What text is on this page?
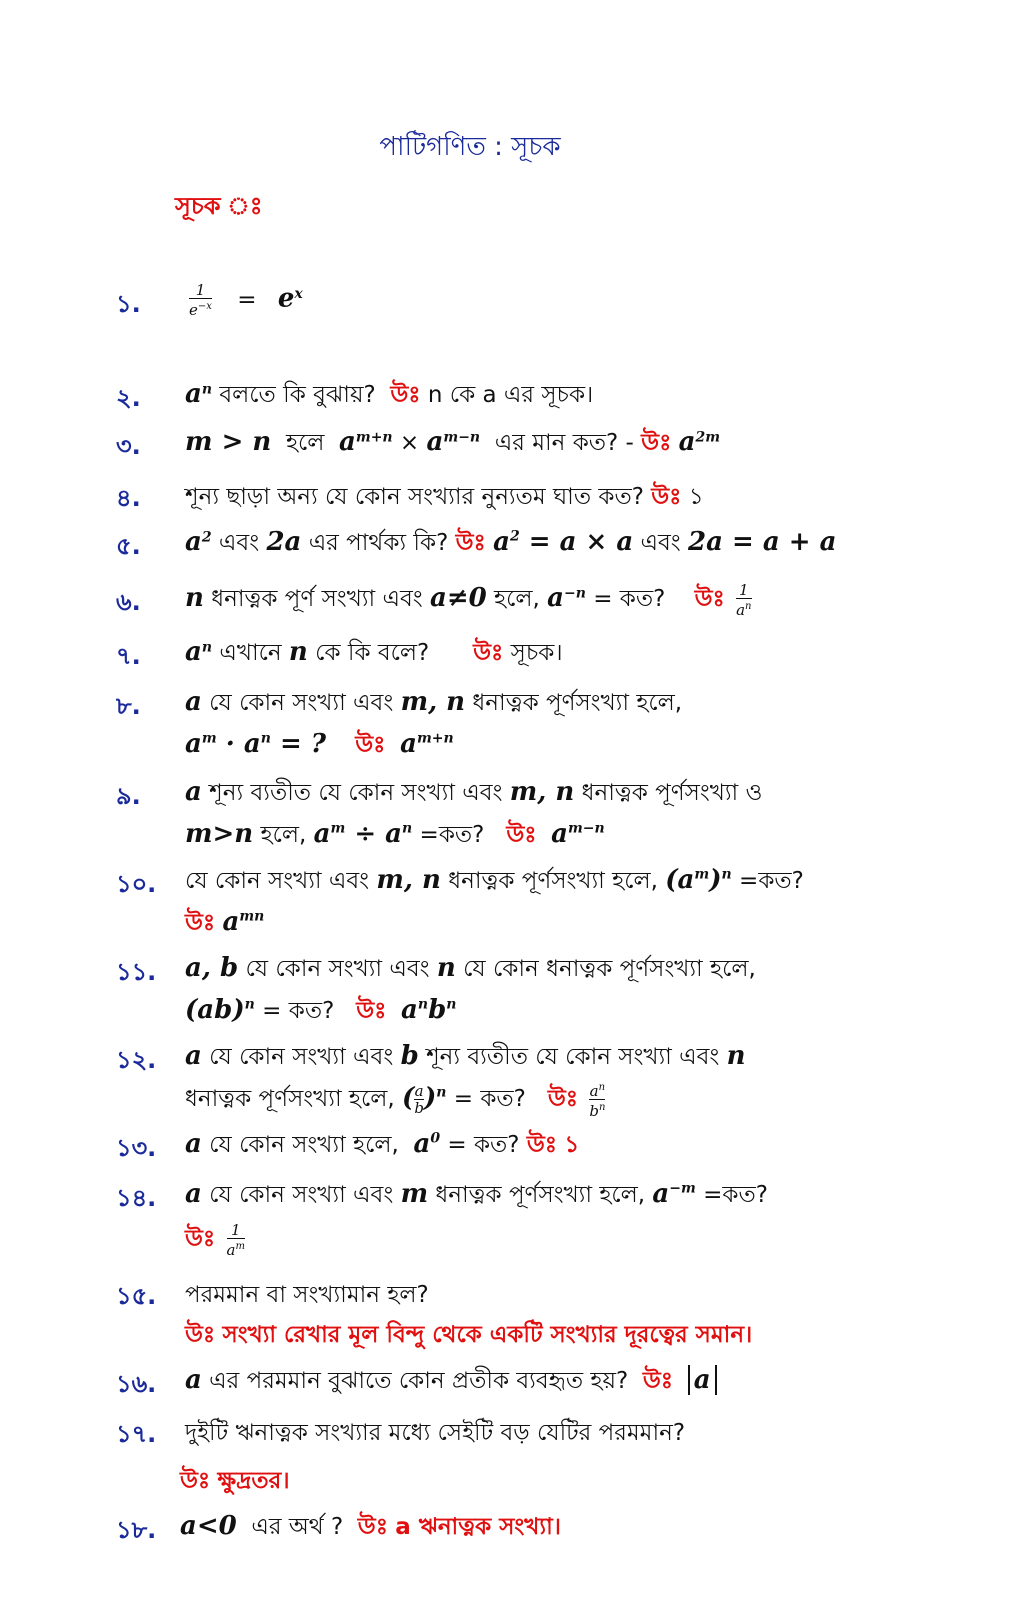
পাটিগণিত : সূচক
সূচক ঃ
১.	$\frac{1}{e^{-x}} = e^x$
২. $a^n$ বলতে কি বুঝায়? উঃ n কে a এর সূচক।
৩. m > n হলে $a^{m+n} \times a^{m-n}$ এর মান কত? - উঃ $a^{2m}$
৪. শূন্য ছাড়া অন্য যে কোন সংখ্যার নুন্যতম ঘাত কত? উঃ ১
৫. $a^2$ এবং 2a এর পার্থক্য কি? উঃ $a^2 = a \times a$ এবং 2a = a + a
৬. n ধনাত্নক পূর্ণ সংখ্যা এবং a≠0 হলে, $a^{-n}$ = কত? উঃ $\frac{1}{a^n}$
৭. $a^n$ এখানে n কে কি বলে? উঃ সূচক।
৮. a যে কোন সংখ্যা এবং m, n ধনাত্নক পূর্ণসংখ্যা হলে,
$a^m \cdot a^n$ = ? উঃ $a^{m+n}$
৯. a শূন্য ব্যতীত যে কোন সংখ্যা এবং m, n ধনাত্নক পূর্ণসংখ্যা ও
m>n হলে, $a^m \div a^n$ =কত? উঃ $a^{m-n}$
১০. যে কোন সংখ্যা এবং m, n ধনাত্নক পূর্ণসংখ্যা হলে, $(a^m)^n$ =কত?
উঃ $a^{mn}$
১১. a, b যে কোন সংখ্যা এবং n যে কোন ধনাত্নক পূর্ণসংখ্যা হলে,
(ab)$^n$ = কত? উঃ $a^nb^n$
১২. a যে কোন সংখ্যা এবং b শূন্য ব্যতীত যে কোন সংখ্যা এবং n
ধনাত্নক পূর্ণসংখ্যা হলে, ( $\frac{a}{b} )^n$ = কত? উঃ $\frac{a^n}{b^n}$
১৩. a যে কোন সংখ্যা হলে, $a^0$ = কত? উঃ ১
১৪. a যে কোন সংখ্যা এবং m ধনাত্নক পূর্ণসংখ্যা হলে, $a^{-m}$ =কত?
উঃ $\frac{1}{a^m}$
১৫. পরমমান বা সংখ্যামান হল?
উঃ সংখ্যা রেখার মূল বিন্দু থেকে একটি সংখ্যার দূরত্বের সমান।
১৬. a এর পরমমান বুঝাতে কোন প্রতীক ব্যবহৃত হয়? উঃ a
১৭. দুইটি ঋনাত্নক সংখ্যার মধ্যে সেইটি বড় যেটির পরমমান?
উঃ ক্ষুদ্রতর।
১৮. a<0 এর অর্থ ? উঃ a ঋনাত্নক সংখ্যা।
